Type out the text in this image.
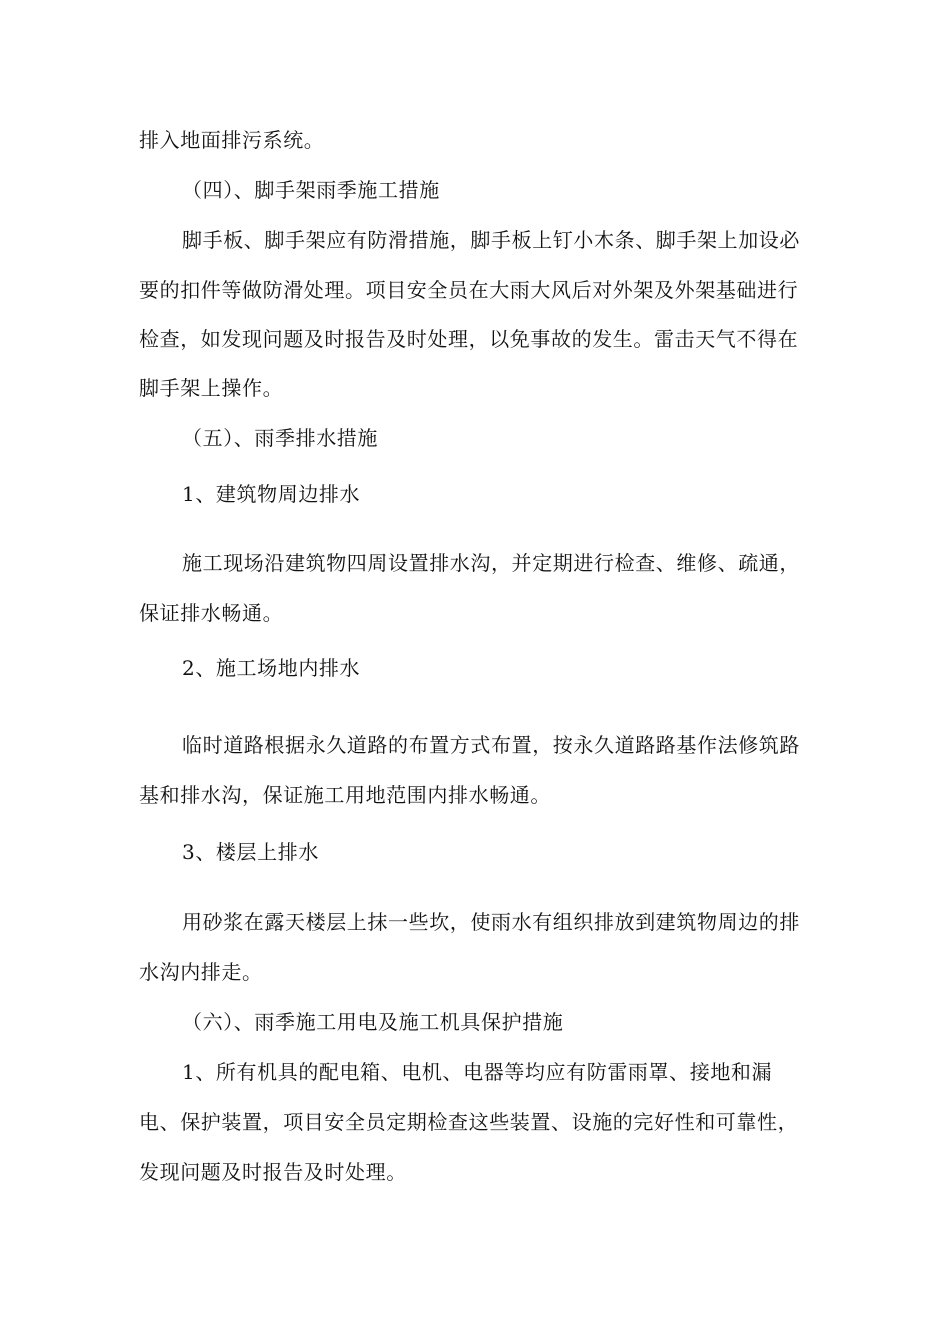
排入地面排污系统。
（四）、脚手架雨季施工措施
脚手板、脚手架应有防滑措施，脚手板上钉小木条、脚手架上加设必
要的扣件等做防滑处理。项目安全员在大雨大风后对外架及外架基础进行
检查，如发现问题及时报告及时处理，以免事故的发生。雷击天气不得在
脚手架上操作。
（五）、雨季排水措施
1、建筑物周边排水
施工现场沿建筑物四周设置排水沟，并定期进行检查、维修、疏通，
保证排水畅通。
2、施工场地内排水
临时道路根据永久道路的布置方式布置，按永久道路路基作法修筑路
基和排水沟，保证施工用地范围内排水畅通。
3、楼层上排水
用砂浆在露天楼层上抹一些坎，使雨水有组织排放到建筑物周边的排
水沟内排走。
（六）、雨季施工用电及施工机具保护措施
1、所有机具的配电箱、电机、电器等均应有防雷雨罩、接地和漏
电、保护装置，项目安全员定期检查这些装置、设施的完好性和可靠性，
发现问题及时报告及时处理。
